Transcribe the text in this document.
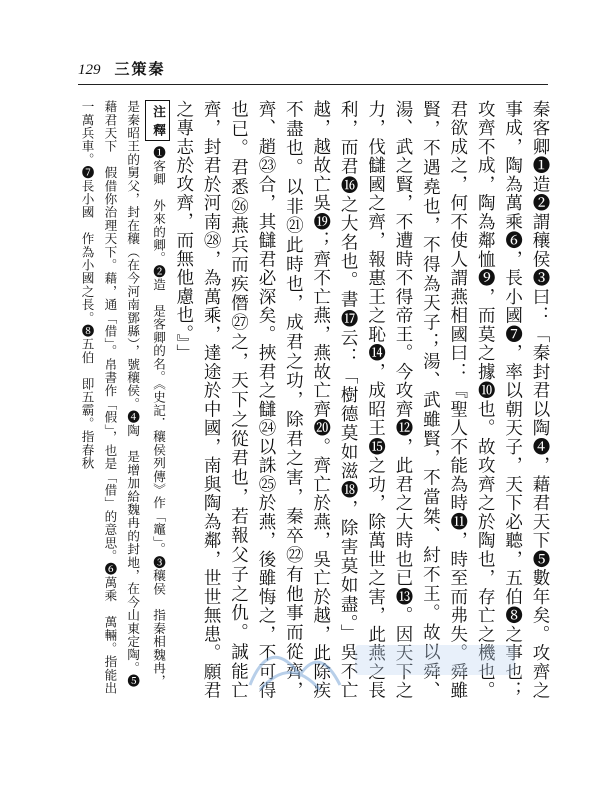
129 三策秦

秦客卿❶造❷謂穰侯❸曰：「秦封君以陶❹，藉君天下❺數年矣。攻齊之事成，陶為萬乘❻，長小國❼，率以朝天子，天下必聽，五伯❽之事也；攻齊不成，陶為鄰恤❾，而莫之據❿也。故攻齊之於陶也，存亡之機也。君欲成之，何不使人謂燕相國曰：『聖人不能為時⓫，時至而弗失。舜雖賢，不遇堯也，不得為天子；湯、武雖賢，不當桀、紂不王。故以舜、湯、武之賢，不遭時不得帝王。今攻齊⓬，此君之大時也已⓭。因天下之力，伐讎國之齊，報惠王之恥⓮，成昭王⓯之功，除萬世之害，此燕之長利，而君⓰之大名也。書⓱云：「樹德莫如滋⓲，除害莫如盡。」吳不亡越，越故亡吳⓳；齊不亡燕，燕故亡齊⓴。齊亡於燕，吳亡於越，此除疾不盡也。以非㉑此時也，成君之功，除君之害，秦卒㉒有他事而從齊，齊、趙㉓合，其讎君必深矣。挾君之讎㉔以誅㉕於燕，後雖悔之，不可得也已。君悉㉖燕兵而疾僭㉗之，天下之從君也，若報父子之仇。誠能亡齊，封君於河南㉘，為萬乘，達途於中國，南與陶為鄰，世世無患。願君之專志於攻齊，而無他慮也。』」

注 釋 ❶客卿　外來的卿。❷造　是客卿的名。《史記．穰侯列傳》作「竈」。❸穰侯　指秦相魏冉，是秦昭王的舅父，封在穰（在今河南鄧縣），號穰侯。❹陶　是增加給魏冉的封地，在今山東定陶。❺藉君天下　假借你治理天下。藉，通「借」。帛書作「假」，也是「借」的意思。❻萬乘　萬輛。指能出一萬兵車。❼長小國　作為小國之長。❽五伯　即五霸。指春秋
